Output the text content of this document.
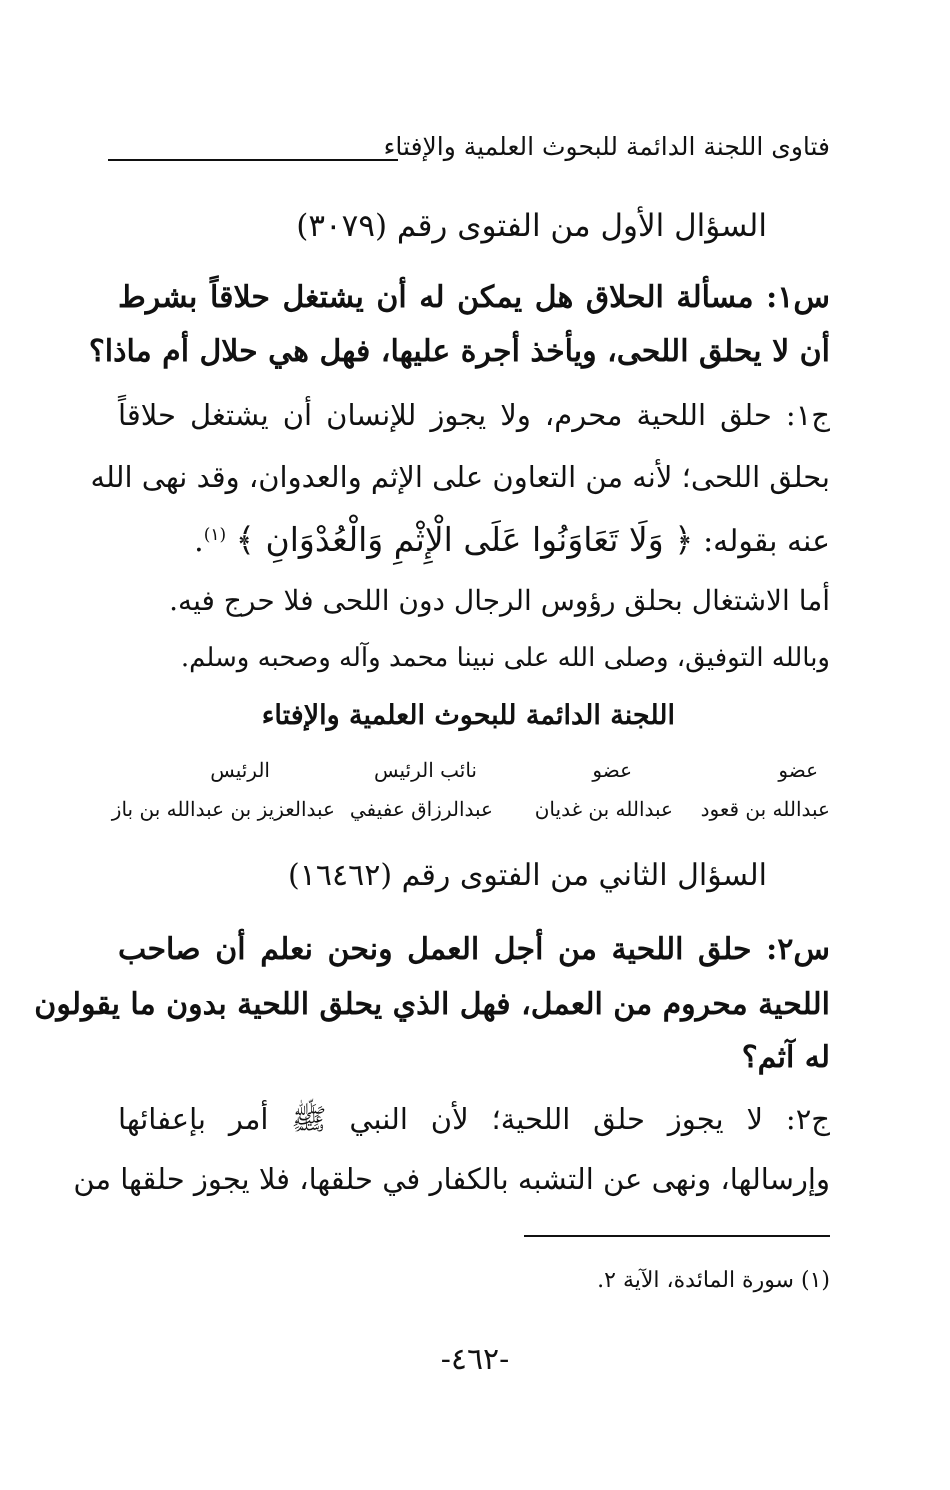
فتاوى اللجنة الدائمة للبحوث العلمية والإفتاء
السؤال الأول من الفتوى رقم (٣٠٧٩)
س١: مسألة الحلاق هل يمكن له أن يشتغل حلاقاً بشرط
أن لا يحلق اللحى، ويأخذ أجرة عليها، فهل هي حلال أم ماذا؟
ج١: حلق اللحية محرم، ولا يجوز للإنسان أن يشتغل حلاقاً
بحلق اللحى؛ لأنه من التعاون على الإثم والعدوان، وقد نهى الله
عنه بقوله: ﴿ وَلَا تَعَاوَنُوا عَلَى الْإِثْمِ وَالْعُدْوَانِ ﴾ $^{(١)}$.
أما الاشتغال بحلق رؤوس الرجال دون اللحى فلا حرج فيه.
وبالله التوفيق، وصلى الله على نبينا محمد وآله وصحبه وسلم.
اللجنة الدائمة للبحوث العلمية والإفتاء
عضو
عضو
نائب الرئيس
الرئيس
عبدالله بن قعود
عبدالله بن غديان
عبدالرزاق عفيفي
عبدالعزيز بن عبدالله بن باز
السؤال الثاني من الفتوى رقم (١٦٤٦٢)
س٢: حلق اللحية من أجل العمل ونحن نعلم أن صاحب
اللحية محروم من العمل، فهل الذي يحلق اللحية بدون ما يقولون
له آثم؟
ج٢: لا يجوز حلق اللحية؛ لأن النبي ﷺ أمر بإعفائها
وإرسالها، ونهى عن التشبه بالكفار في حلقها، فلا يجوز حلقها من
(١) سورة المائدة، الآية ٢.
-٤٦٢-
